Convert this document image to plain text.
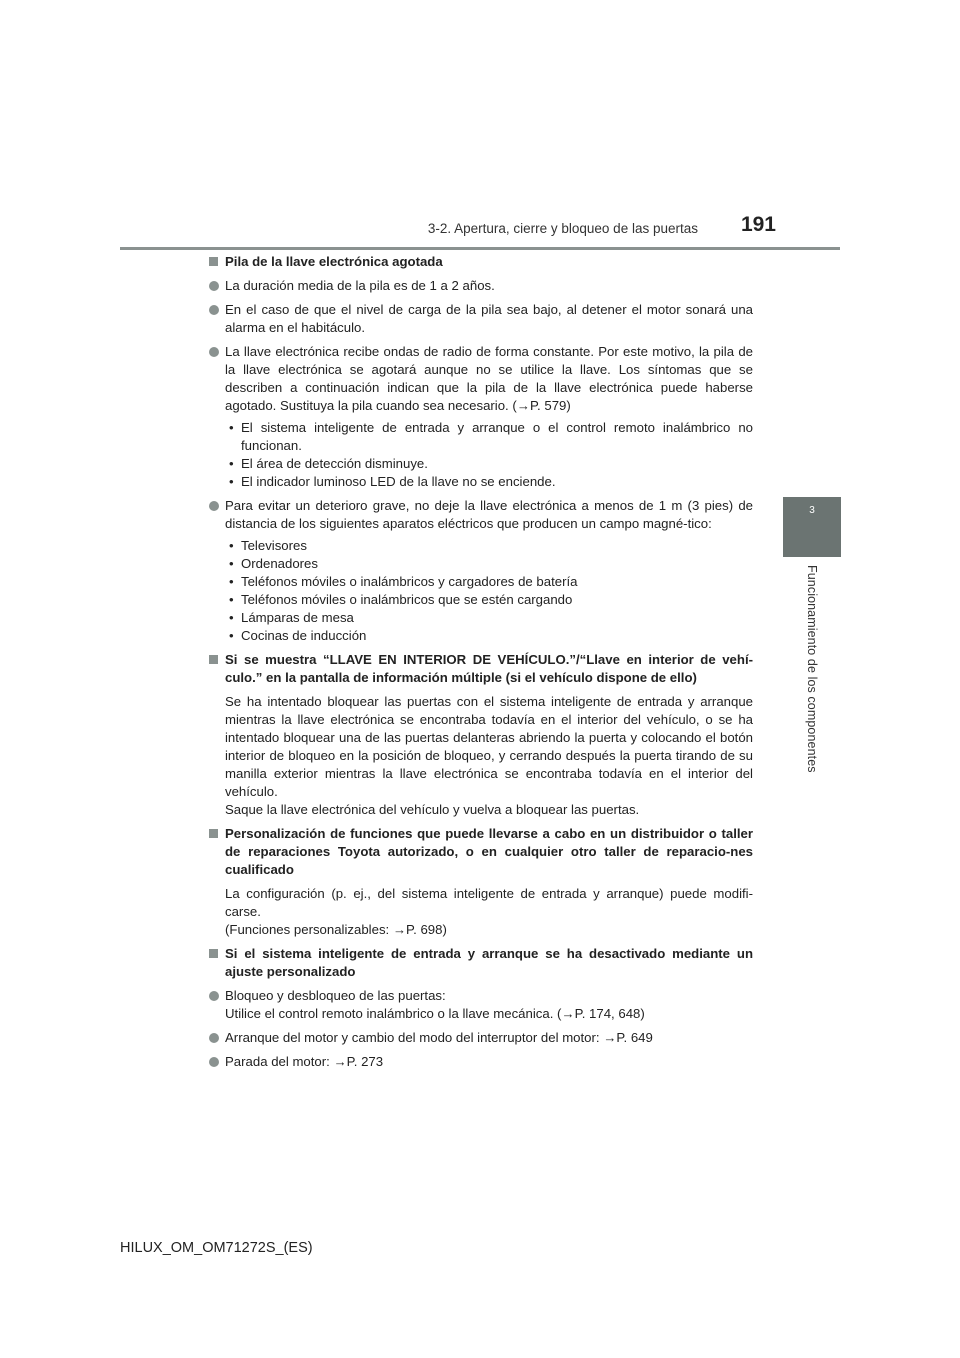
3-2. Apertura, cierre y bloqueo de las puertas 191
3
Funcionamiento de los componentes
Pila de la llave electrónica agotada
La duración media de la pila es de 1 a 2 años.
En el caso de que el nivel de carga de la pila sea bajo, al detener el motor sonará una alarma en el habitáculo.
La llave electrónica recibe ondas de radio de forma constante. Por este motivo, la pila de la llave electrónica se agotará aunque no se utilice la llave. Los síntomas que se describen a continuación indican que la pila de la llave electrónica puede haberse agotado. Sustituya la pila cuando sea necesario. (→P. 579)
• El sistema inteligente de entrada y arranque o el control remoto inalámbrico no funcionan.
• El área de detección disminuye.
• El indicador luminoso LED de la llave no se enciende.
Para evitar un deterioro grave, no deje la llave electrónica a menos de 1 m (3 pies) de distancia de los siguientes aparatos eléctricos que producen un campo magné-tico:
• Televisores
• Ordenadores
• Teléfonos móviles o inalámbricos y cargadores de batería
• Teléfonos móviles o inalámbricos que se estén cargando
• Lámparas de mesa
• Cocinas de inducción
Si se muestra “LLAVE EN INTERIOR DE VEHÍCULO.”/“Llave en interior de vehí-culo.” en la pantalla de información múltiple (si el vehículo dispone de ello)
Se ha intentado bloquear las puertas con el sistema inteligente de entrada y arranque mientras la llave electrónica se encontraba todavía en el interior del vehículo, o se ha intentado bloquear una de las puertas delanteras abriendo la puerta y colocando el botón interior de bloqueo en la posición de bloqueo, y cerrando después la puerta tirando de su manilla exterior mientras la llave electrónica se encontraba todavía en el interior del vehículo.
Saque la llave electrónica del vehículo y vuelva a bloquear las puertas.
Personalización de funciones que puede llevarse a cabo en un distribuidor o taller de reparaciones Toyota autorizado, o en cualquier otro taller de reparacio-nes cualificado
La configuración (p. ej., del sistema inteligente de entrada y arranque) puede modifi-carse.
(Funciones personalizables: →P. 698)
Si el sistema inteligente de entrada y arranque se ha desactivado mediante un ajuste personalizado
Bloqueo y desbloqueo de las puertas:
Utilice el control remoto inalámbrico o la llave mecánica. (→P. 174, 648)
Arranque del motor y cambio del modo del interruptor del motor: →P. 649
Parada del motor: →P. 273
HILUX_OM_OM71272S_(ES)
